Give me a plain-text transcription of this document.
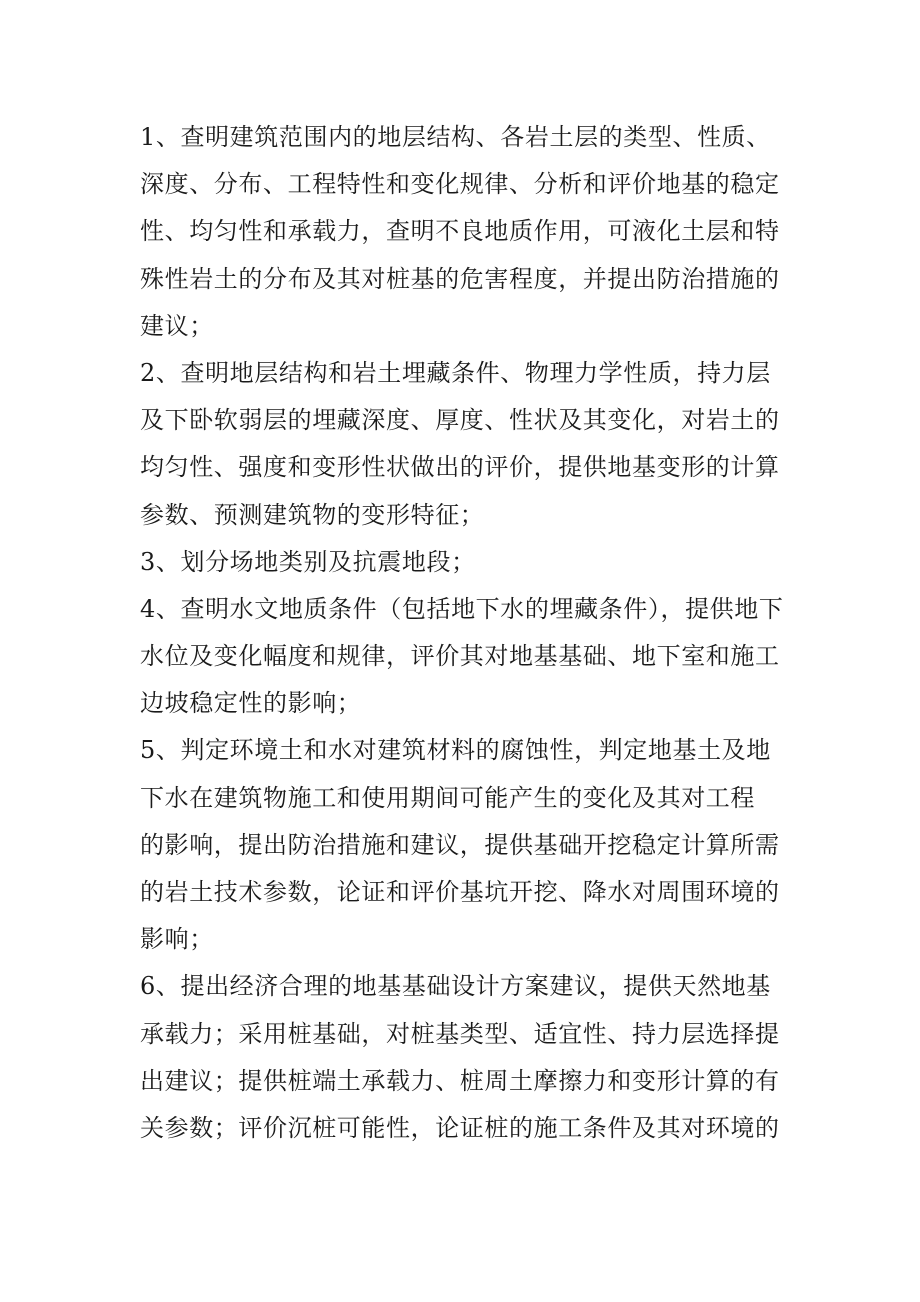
1、查明建筑范围内的地层结构、各岩土层的类型、性质、
深度、分布、工程特性和变化规律、分析和评价地基的稳定
性、均匀性和承载力，查明不良地质作用，可液化土层和特
殊性岩土的分布及其对桩基的危害程度，并提出防治措施的
建议；
2、查明地层结构和岩土埋藏条件、物理力学性质，持力层
及下卧软弱层的埋藏深度、厚度、性状及其变化，对岩土的
均匀性、强度和变形性状做出的评价，提供地基变形的计算
参数、预测建筑物的变形特征；
3、划分场地类别及抗震地段；
4、查明水文地质条件（包括地下水的埋藏条件），提供地下
水位及变化幅度和规律，评价其对地基基础、地下室和施工
边坡稳定性的影响；
5、判定环境土和水对建筑材料的腐蚀性，判定地基土及地
下水在建筑物施工和使用期间可能产生的变化及其对工程
的影响，提出防治措施和建议，提供基础开挖稳定计算所需
的岩土技术参数，论证和评价基坑开挖、降水对周围环境的
影响；
6、提出经济合理的地基基础设计方案建议，提供天然地基
承载力；采用桩基础，对桩基类型、适宜性、持力层选择提
出建议；提供桩端土承载力、桩周土摩擦力和变形计算的有
关参数；评价沉桩可能性，论证桩的施工条件及其对环境的
